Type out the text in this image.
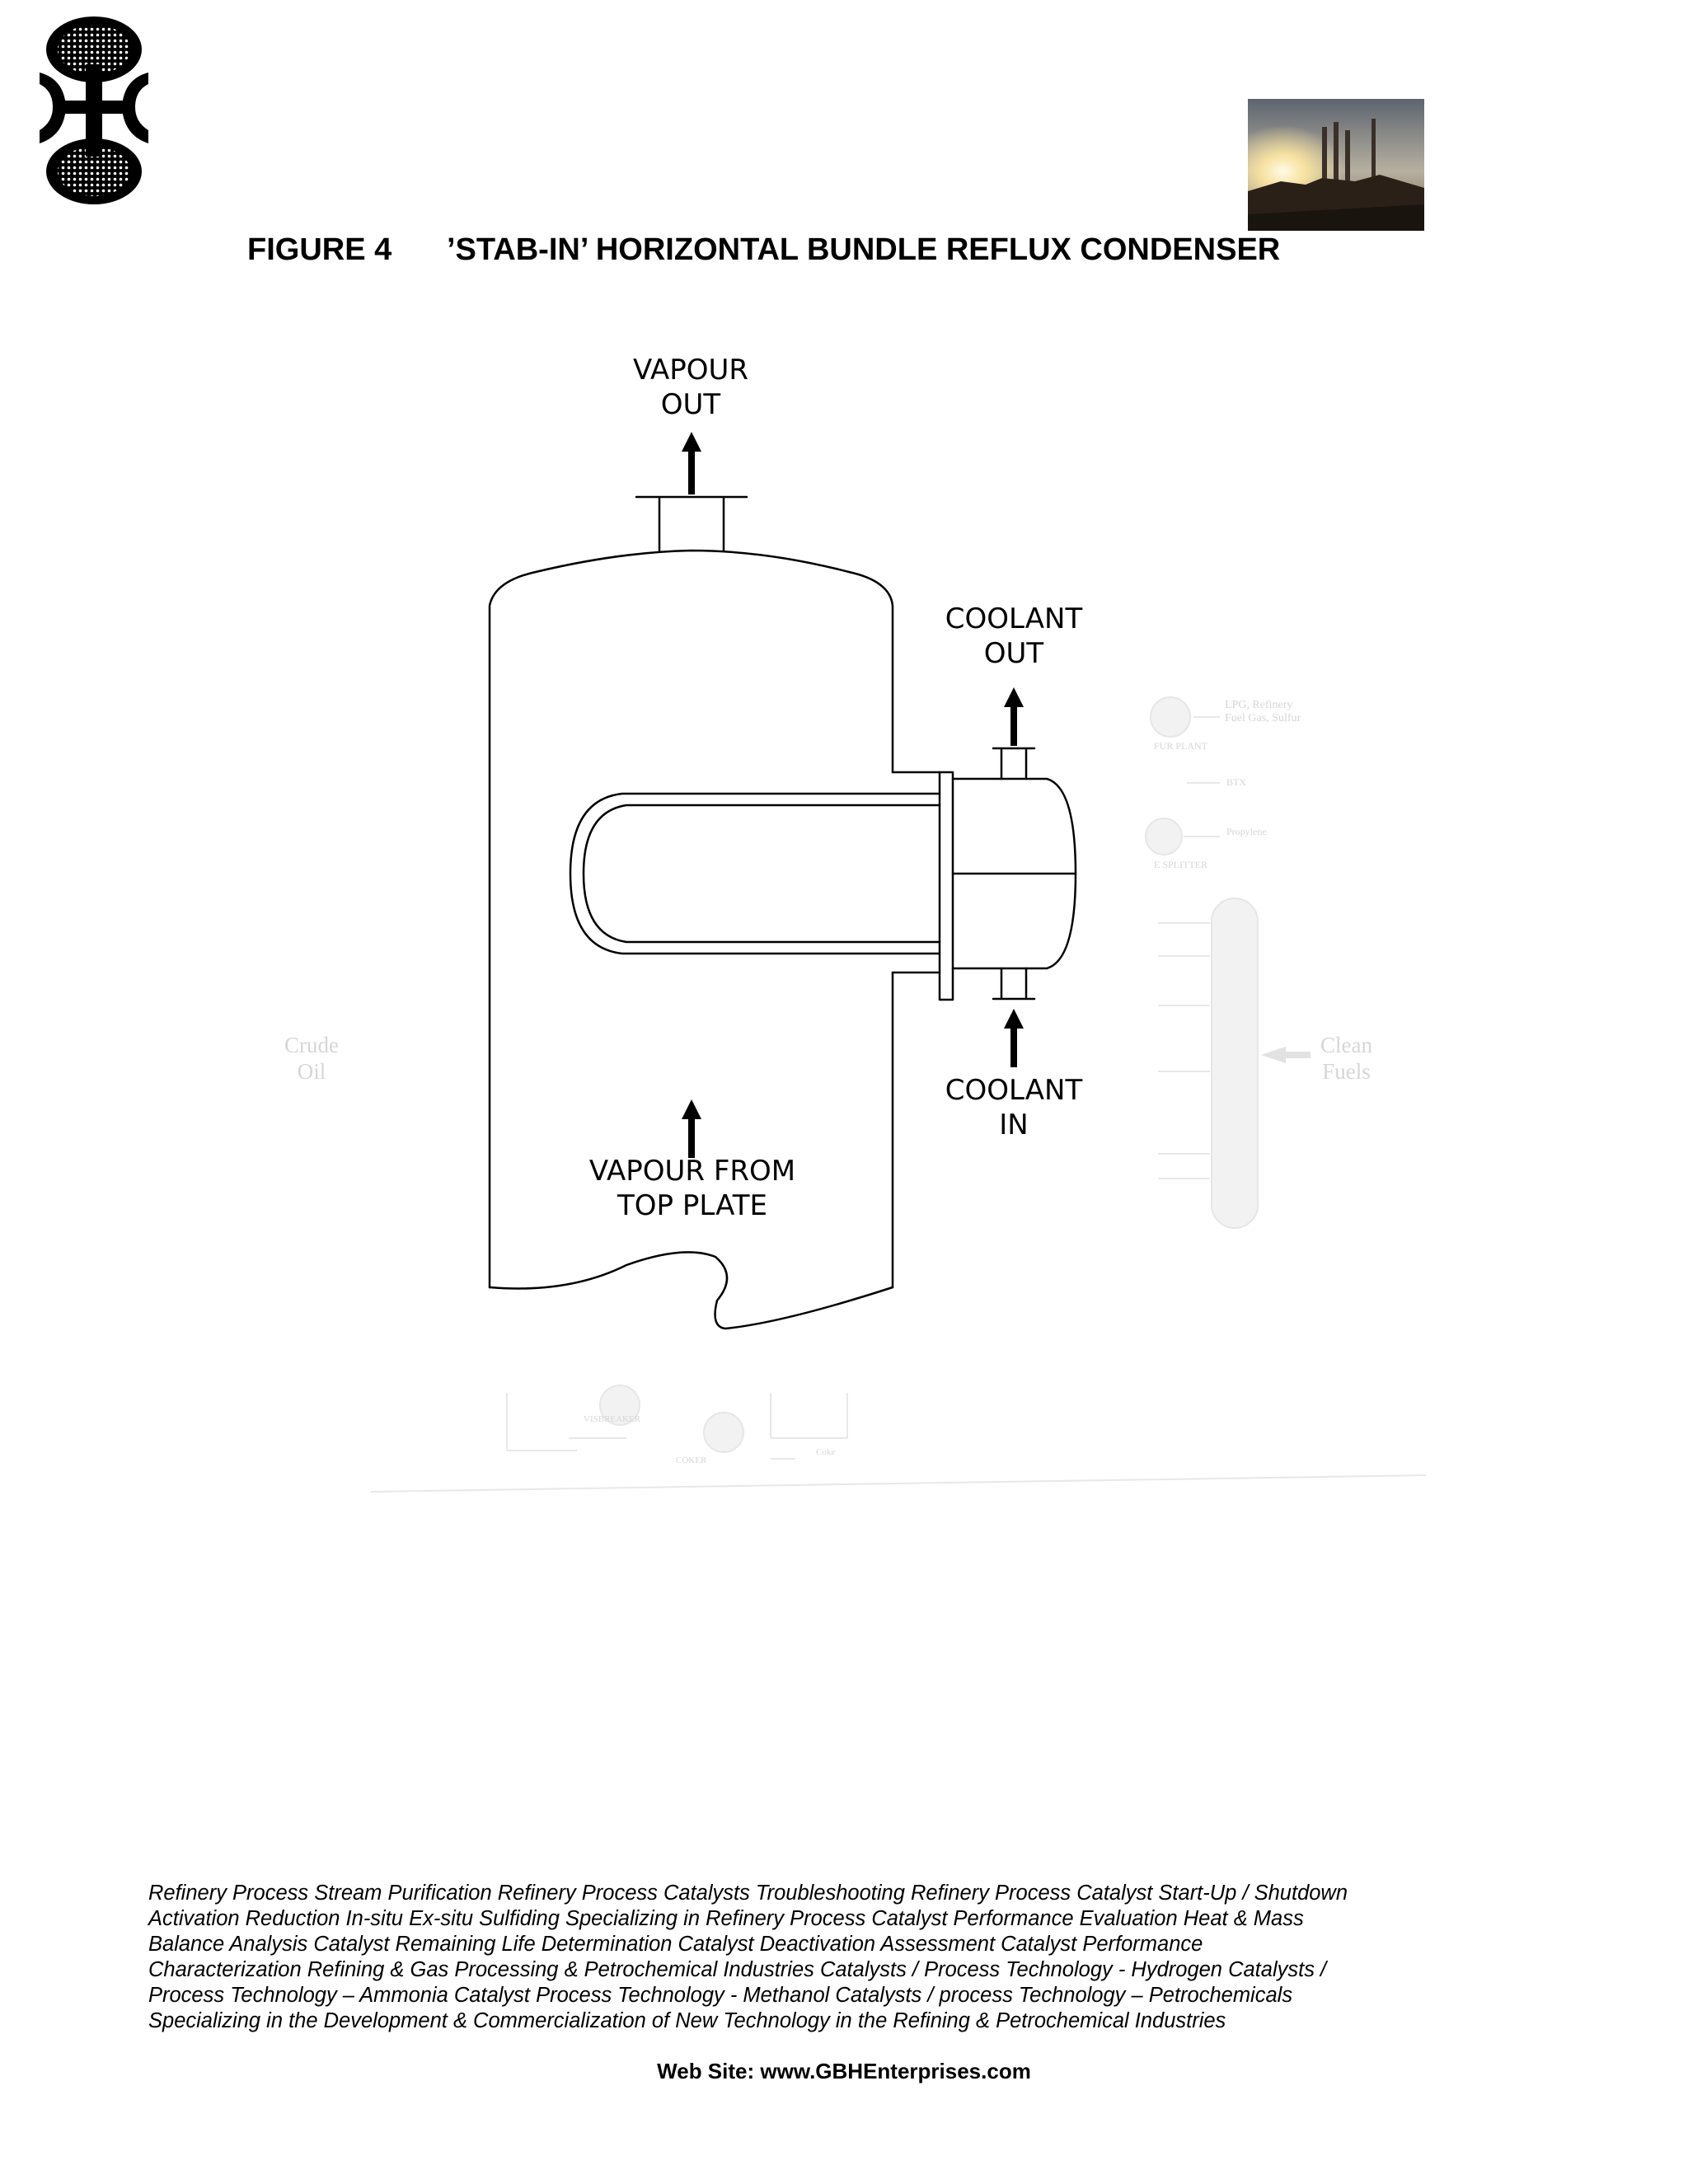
FIGURE 4 ’STAB-IN’ HORIZONTAL BUNDLE REFLUX CONDENSER
Crude
Oil
Clean
Fuels
LPG, Refinery
Fuel Gas, Sulfur
FUR PLANT
BTX
Propylene
E SPLITTER
VISBREAKER
COKER
Coke
VAPOUR
OUT
COOLANT
OUT
COOLANT
IN
VAPOUR FROM
TOP PLATE
Refinery Process Stream Purification Refinery Process Catalysts Troubleshooting Refinery Process Catalyst Start-Up / Shutdown
Activation Reduction In-situ Ex-situ Sulfiding Specializing in Refinery Process Catalyst Performance Evaluation Heat & Mass
Balance Analysis Catalyst Remaining Life Determination Catalyst Deactivation Assessment Catalyst Performance
Characterization Refining & Gas Processing & Petrochemical Industries Catalysts / Process Technology - Hydrogen Catalysts /
Process Technology – Ammonia Catalyst Process Technology - Methanol Catalysts / process Technology – Petrochemicals
Specializing in the Development & Commercialization of New Technology in the Refining & Petrochemical Industries
Web Site: www.GBHEnterprises.com
